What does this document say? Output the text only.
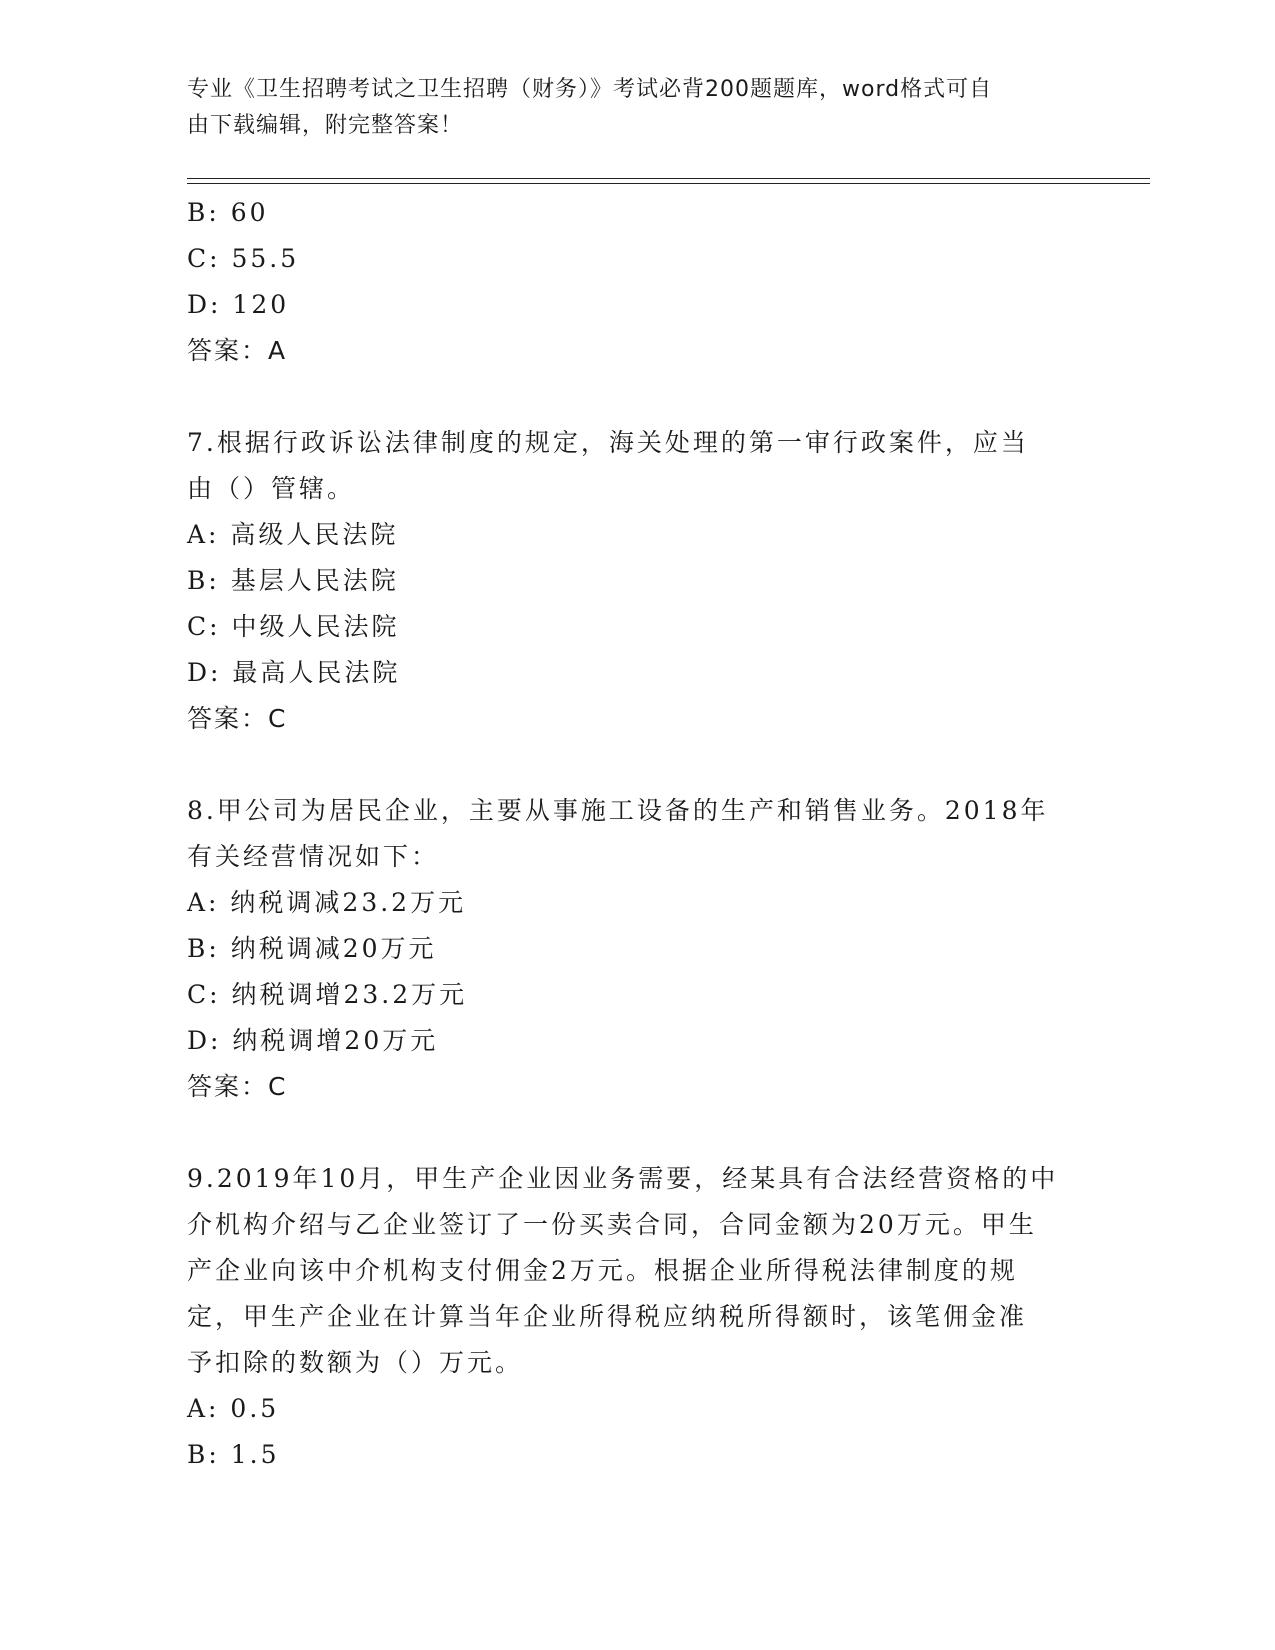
专业《卫生招聘考试之卫生招聘（财务）》考试必背200题题库，word格式可自
由下载编辑，附完整答案！
B: 60
C: 55.5
D: 120
答案：A
7.根据行政诉讼法律制度的规定，海关处理的第一审行政案件，应当
由（）管辖。
A: 高级人民法院
B: 基层人民法院
C: 中级人民法院
D: 最高人民法院
答案：C
8.甲公司为居民企业，主要从事施工设备的生产和销售业务。2018年
有关经营情况如下：
A: 纳税调减23.2万元
B: 纳税调减20万元
C: 纳税调增23.2万元
D: 纳税调增20万元
答案：C
9.2019年10月，甲生产企业因业务需要，经某具有合法经营资格的中
介机构介绍与乙企业签订了一份买卖合同，合同金额为20万元。甲生
产企业向该中介机构支付佣金2万元。根据企业所得税法律制度的规
定，甲生产企业在计算当年企业所得税应纳税所得额时，该笔佣金准
予扣除的数额为（）万元。
A: 0.5
B: 1.5
